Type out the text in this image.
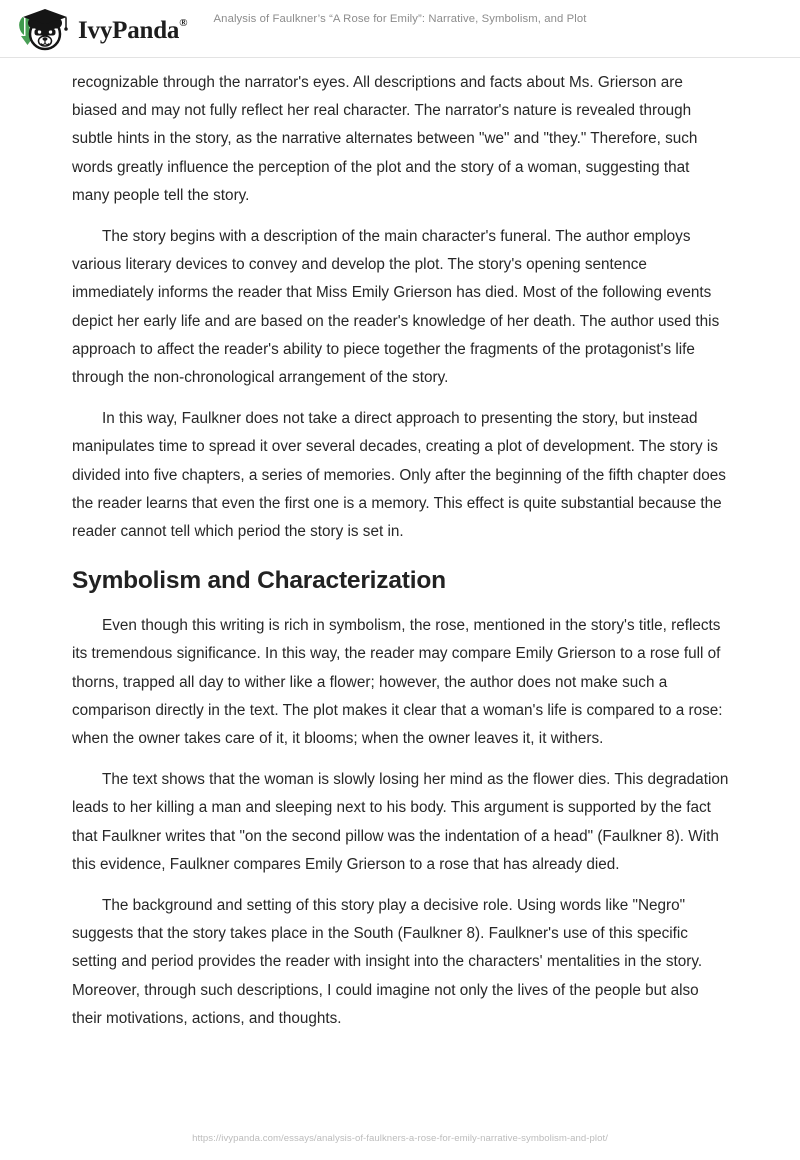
IvyPanda®	Analysis of Faulkner’s “A Rose for Emily”: Narrative, Symbolism, and Plot

recognizable through the narrator's eyes. All descriptions and facts about Ms. Grierson are biased and may not fully reflect her real character. The narrator's nature is revealed through subtle hints in the story, as the narrative alternates between "we" and "they." Therefore, such words greatly influence the perception of the plot and the story of a woman, suggesting that many people tell the story.

The story begins with a description of the main character's funeral. The author employs various literary devices to convey and develop the plot. The story's opening sentence immediately informs the reader that Miss Emily Grierson has died. Most of the following events depict her early life and are based on the reader's knowledge of her death. The author used this approach to affect the reader's ability to piece together the fragments of the protagonist's life through the non-chronological arrangement of the story.

In this way, Faulkner does not take a direct approach to presenting the story, but instead manipulates time to spread it over several decades, creating a plot of development. The story is divided into five chapters, a series of memories. Only after the beginning of the fifth chapter does the reader learns that even the first one is a memory. This effect is quite substantial because the reader cannot tell which period the story is set in.

Symbolism and Characterization

Even though this writing is rich in symbolism, the rose, mentioned in the story's title, reflects its tremendous significance. In this way, the reader may compare Emily Grierson to a rose full of thorns, trapped all day to wither like a flower; however, the author does not make such a comparison directly in the text. The plot makes it clear that a woman's life is compared to a rose: when the owner takes care of it, it blooms; when the owner leaves it, it withers.

The text shows that the woman is slowly losing her mind as the flower dies. This degradation leads to her killing a man and sleeping next to his body. This argument is supported by the fact that Faulkner writes that "on the second pillow was the indentation of a head" (Faulkner 8). With this evidence, Faulkner compares Emily Grierson to a rose that has already died.

The background and setting of this story play a decisive role. Using words like "Negro" suggests that the story takes place in the South (Faulkner 8). Faulkner's use of this specific setting and period provides the reader with insight into the characters' mentalities in the story. Moreover, through such descriptions, I could imagine not only the lives of the people but also their motivations, actions, and thoughts.

https://ivypanda.com/essays/analysis-of-faulkners-a-rose-for-emily-narrative-symbolism-and-plot/
